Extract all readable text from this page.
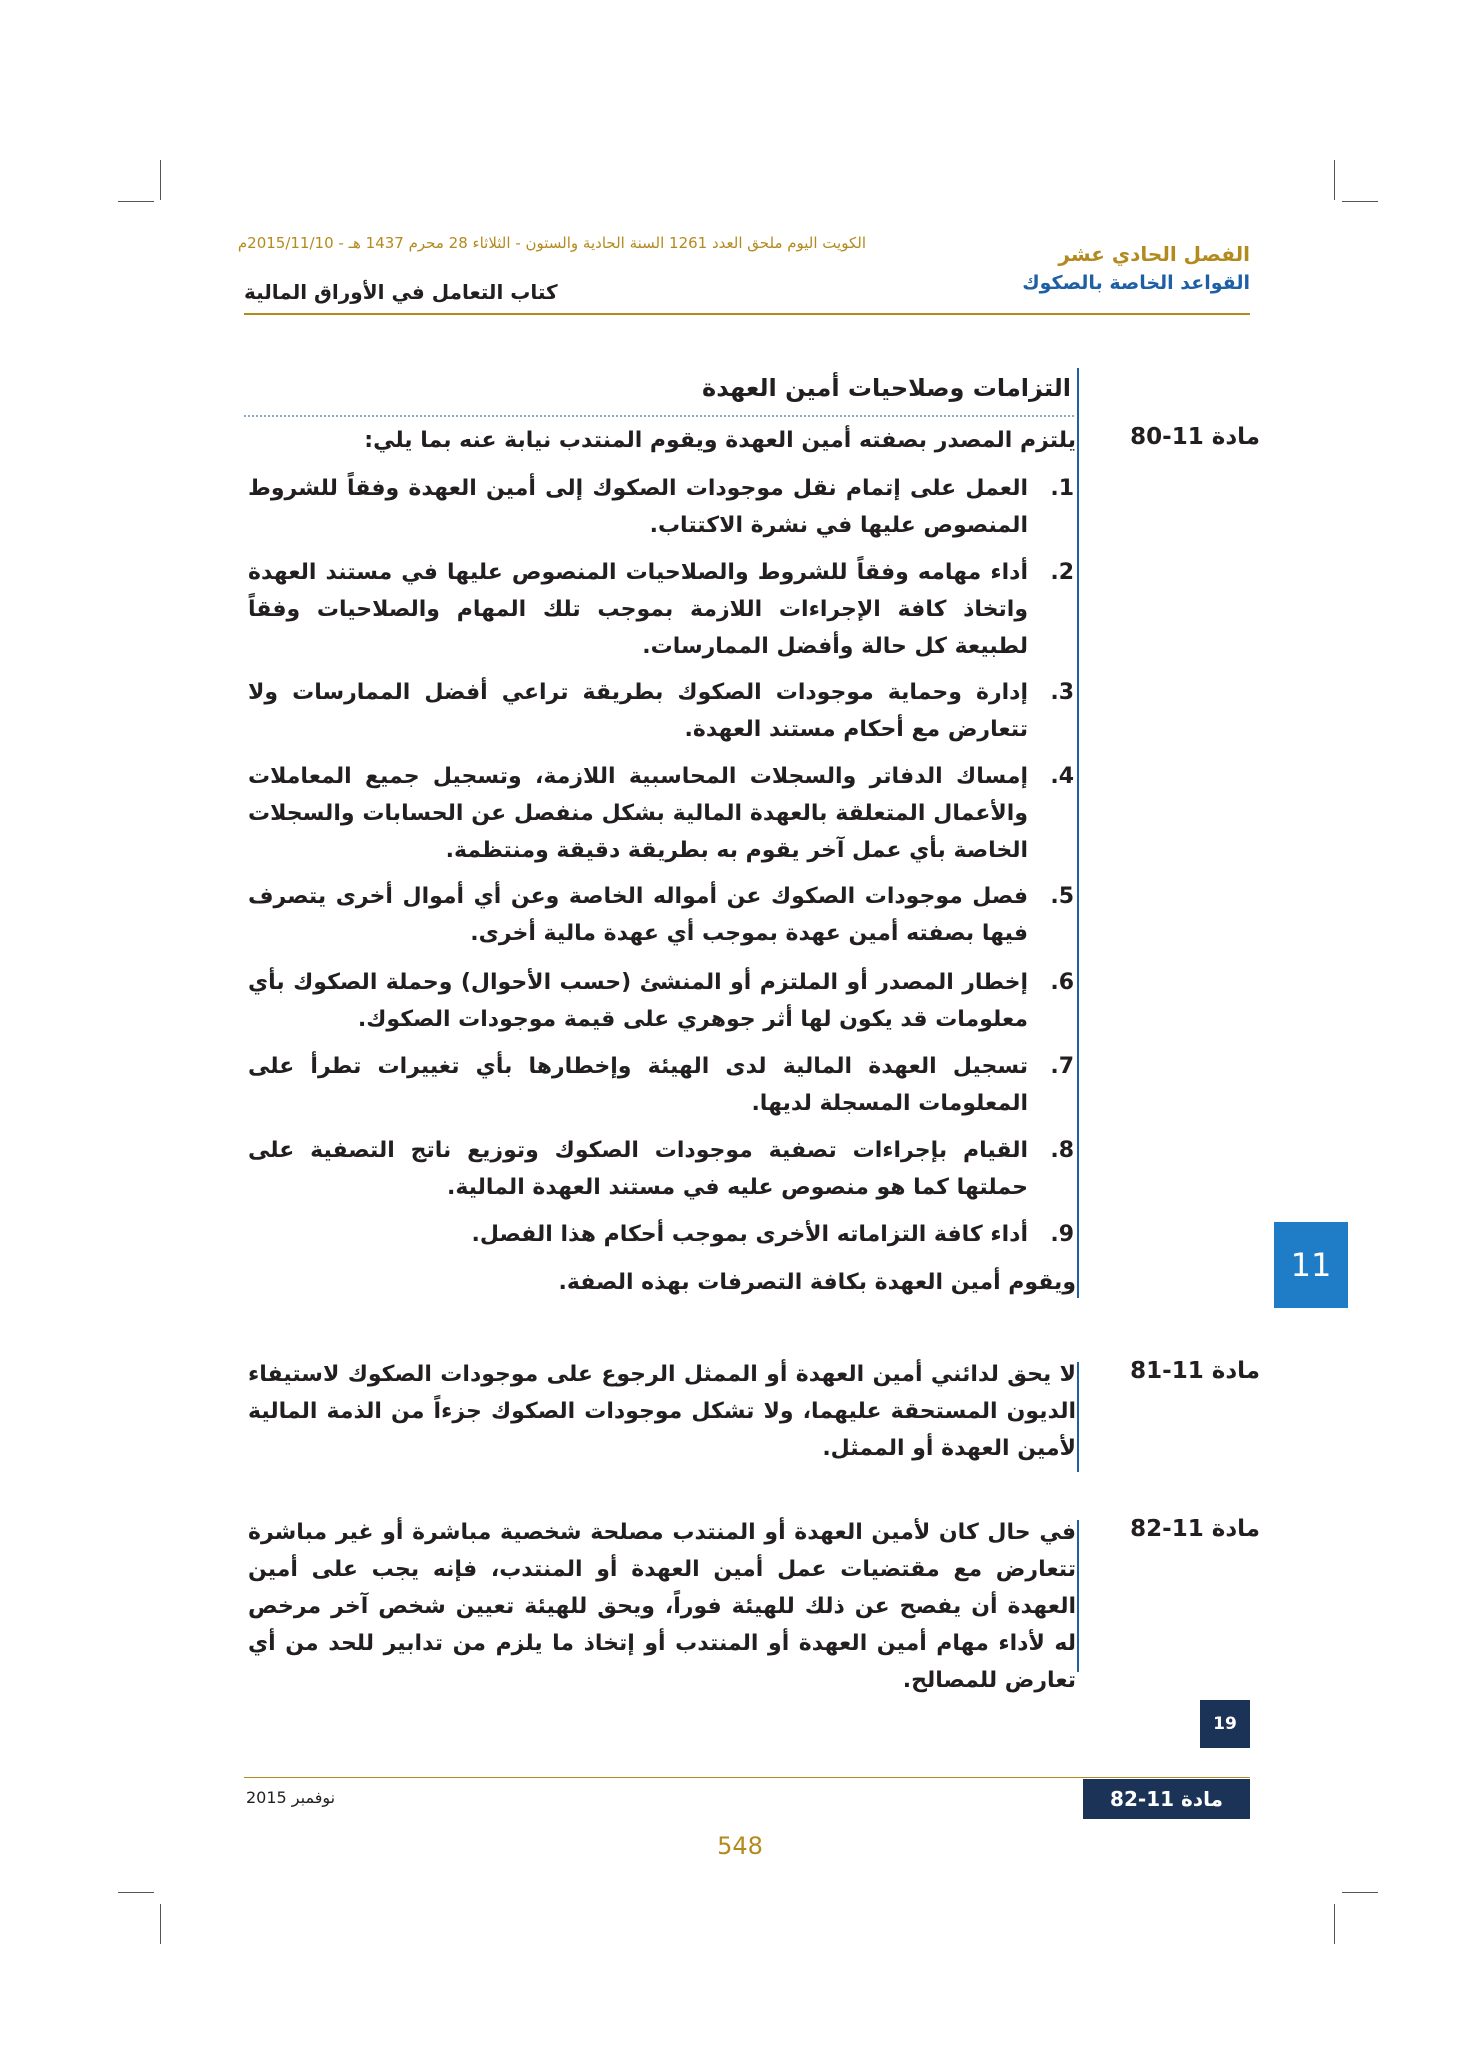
الكويت اليوم ملحق العدد 1261 السنة الحادية والستون - الثلاثاء 28 محرم 1437 هـ - 2015/11/10م	الفصل الحادي عشر
القواعد الخاصة بالصكوك
كتاب التعامل في الأوراق المالية
التزامات وصلاحيات أمين العهدة
مادة 11-80
يلتزم المصدر بصفته أمين العهدة ويقوم المنتدب نيابة عنه بما يلي:
1.
العمل على إتمام نقل موجودات الصكوك إلى أمين العهدة وفقاً للشروط المنصوص عليها في نشرة الاكتتاب.
2.
أداء مهامه وفقاً للشروط والصلاحيات المنصوص عليها في مستند العهدة واتخاذ كافة الإجراءات اللازمة بموجب تلك المهام والصلاحيات وفقاً لطبيعة كل حالة وأفضل الممارسات.
3.
إدارة وحماية موجودات الصكوك بطريقة تراعي أفضل الممارسات ولا تتعارض مع أحكام مستند العهدة.
4.
إمساك الدفاتر والسجلات المحاسبية اللازمة، وتسجيل جميع المعاملات والأعمال المتعلقة بالعهدة المالية بشكل منفصل عن الحسابات والسجلات الخاصة بأي عمل آخر يقوم به بطريقة دقيقة ومنتظمة.
5.
فصل موجودات الصكوك عن أمواله الخاصة وعن أي أموال أخرى يتصرف فيها بصفته أمين عهدة بموجب أي عهدة مالية أخرى.
6.
إخطار المصدر أو الملتزم أو المنشئ (حسب الأحوال) وحملة الصكوك بأي معلومات قد يكون لها أثر جوهري على قيمة موجودات الصكوك.
7.
تسجيل العهدة المالية لدى الهيئة وإخطارها بأي تغييرات تطرأ على المعلومات المسجلة لديها.
8.
القيام بإجراءات تصفية موجودات الصكوك وتوزيع ناتج التصفية على حملتها كما هو منصوص عليه في مستند العهدة المالية.
9.
أداء كافة التزاماته الأخرى بموجب أحكام هذا الفصل.
ويقوم أمين العهدة بكافة التصرفات بهذه الصفة.
مادة 11-81
لا يحق لدائني أمين العهدة أو الممثل الرجوع على موجودات الصكوك لاستيفاء الديون المستحقة عليهما، ولا تشكل موجودات الصكوك جزءاً من الذمة المالية لأمين العهدة أو الممثل.
مادة 11-82
في حال كان لأمين العهدة أو المنتدب مصلحة شخصية مباشرة أو غير مباشرة تتعارض مع مقتضيات عمل أمين العهدة أو المنتدب، فإنه يجب على أمين العهدة أن يفصح عن ذلك للهيئة فوراً، ويحق للهيئة تعيين شخص آخر مرخص له لأداء مهام أمين العهدة أو المنتدب أو إتخاذ ما يلزم من تدابير للحد من أي تعارض للمصالح.
11
19
مادة 11-82
نوفمبر 2015
548
